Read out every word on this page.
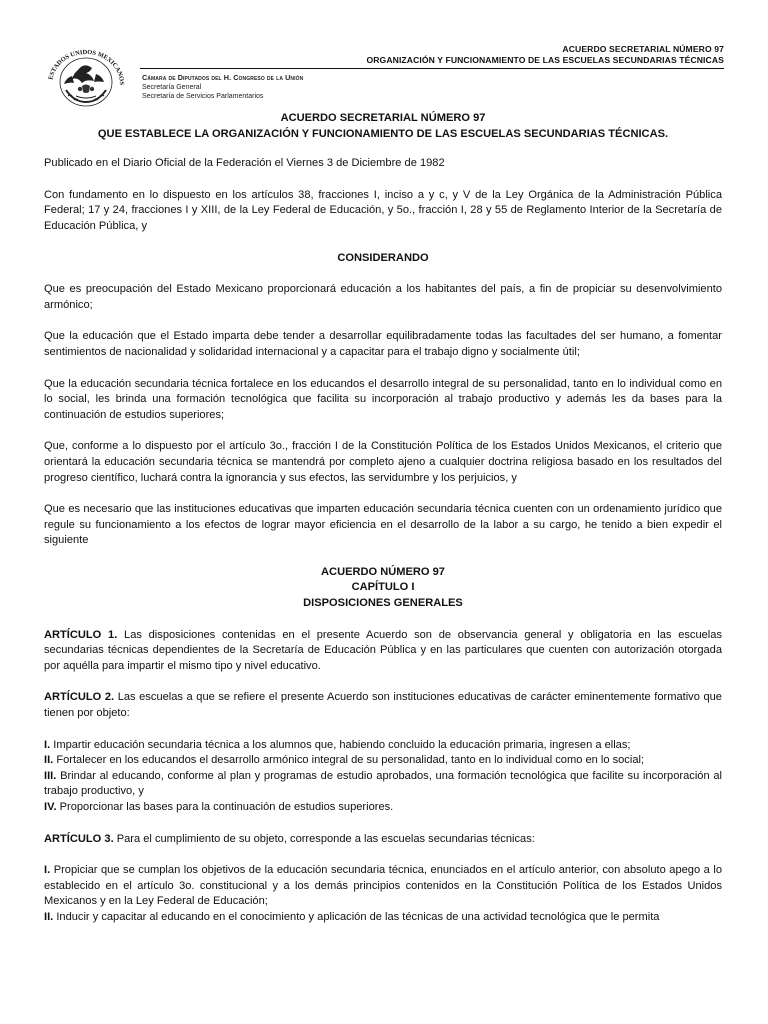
ESTADOS UNIDOS MEXICANOS
ACUERDO SECRETARIAL NÚMERO 97
ORGANIZACIÓN Y FUNCIONAMIENTO DE LAS ESCUELAS SECUNDARIAS TÉCNICAS
Cámara de Diputados del H. Congreso de la Unión
Secretaría General
Secretaría de Servicios Parlamentarios

ACUERDO SECRETARIAL NÚMERO 97

QUE ESTABLECE LA ORGANIZACIÓN Y FUNCIONAMIENTO DE LAS ESCUELAS SECUNDARIAS TÉCNICAS.

Publicado en el Diario Oficial de la Federación el Viernes 3 de Diciembre de 1982

Con fundamento en lo dispuesto en los artículos 38, fracciones I, inciso a y c, y V de la Ley Orgánica de la Administración Pública Federal; 17 y 24, fracciones I y XIII, de la Ley Federal de Educación, y 5o., fracción I, 28 y 55 de Reglamento Interior de la Secretaría de Educación Pública, y

CONSIDERANDO

Que es preocupación del Estado Mexicano proporcionará educación a los habitantes del país, a fin de propiciar su desenvolvimiento armónico;

Que la educación que el Estado imparta debe tender a desarrollar equilibradamente todas las facultades del ser humano, a fomentar sentimientos de nacionalidad y solidaridad internacional y a capacitar para el trabajo digno y socialmente útil;

Que la educación secundaria técnica fortalece en los educandos el desarrollo integral de su personalidad, tanto en lo individual como en lo social, les brinda una formación tecnológica que facilita su incorporación al trabajo productivo y además les da bases para la continuación de estudios superiores;

Que, conforme a lo dispuesto por el artículo 3o., fracción I de la Constitución Política de los Estados Unidos Mexicanos, el criterio que orientará la educación secundaria técnica se mantendrá por completo ajeno a cualquier doctrina religiosa basado en los resultados del progreso científico, luchará contra la ignorancia y sus efectos, las servidumbre y los perjuicios, y

Que es necesario que las instituciones educativas que imparten educación secundaria técnica cuenten con un ordenamiento jurídico que regule su funcionamiento a los efectos de lograr mayor eficiencia en el desarrollo de la labor a su cargo, he tenido a bien expedir el siguiente

ACUERDO NÚMERO 97

CAPÍTULO I

DISPOSICIONES GENERALES

ARTÍCULO 1. Las disposiciones contenidas en el presente Acuerdo son de observancia general y obligatoria en las escuelas secundarias técnicas dependientes de la Secretaría de Educación Pública y en las particulares que cuenten con autorización otorgada por aquélla para impartir el mismo tipo y nivel educativo.

ARTÍCULO 2. Las escuelas a que se refiere el presente Acuerdo son instituciones educativas de carácter eminentemente formativo que tienen por objeto:

I. Impartir educación secundaria técnica a los alumnos que, habiendo concluido la educación primaria, ingresen a ellas;

II. Fortalecer en los educandos el desarrollo armónico integral de su personalidad, tanto en lo individual como en lo social;

III. Brindar al educando, conforme al plan y programas de estudio aprobados, una formación tecnológica que facilite su incorporación al trabajo productivo, y

IV. Proporcionar las bases para la continuación de estudios superiores.

ARTÍCULO 3. Para el cumplimiento de su objeto, corresponde a las escuelas secundarias técnicas:

I. Propiciar que se cumplan los objetivos de la educación secundaria técnica, enunciados en el artículo anterior, con absoluto apego a lo establecido en el artículo 3o. constitucional y a los demás principios contenidos en la Constitución Política de los Estados Unidos Mexicanos y en la Ley Federal de Educación;

II. Inducir y capacitar al educando en el conocimiento y aplicación de las técnicas de una actividad tecnológica que le permita
